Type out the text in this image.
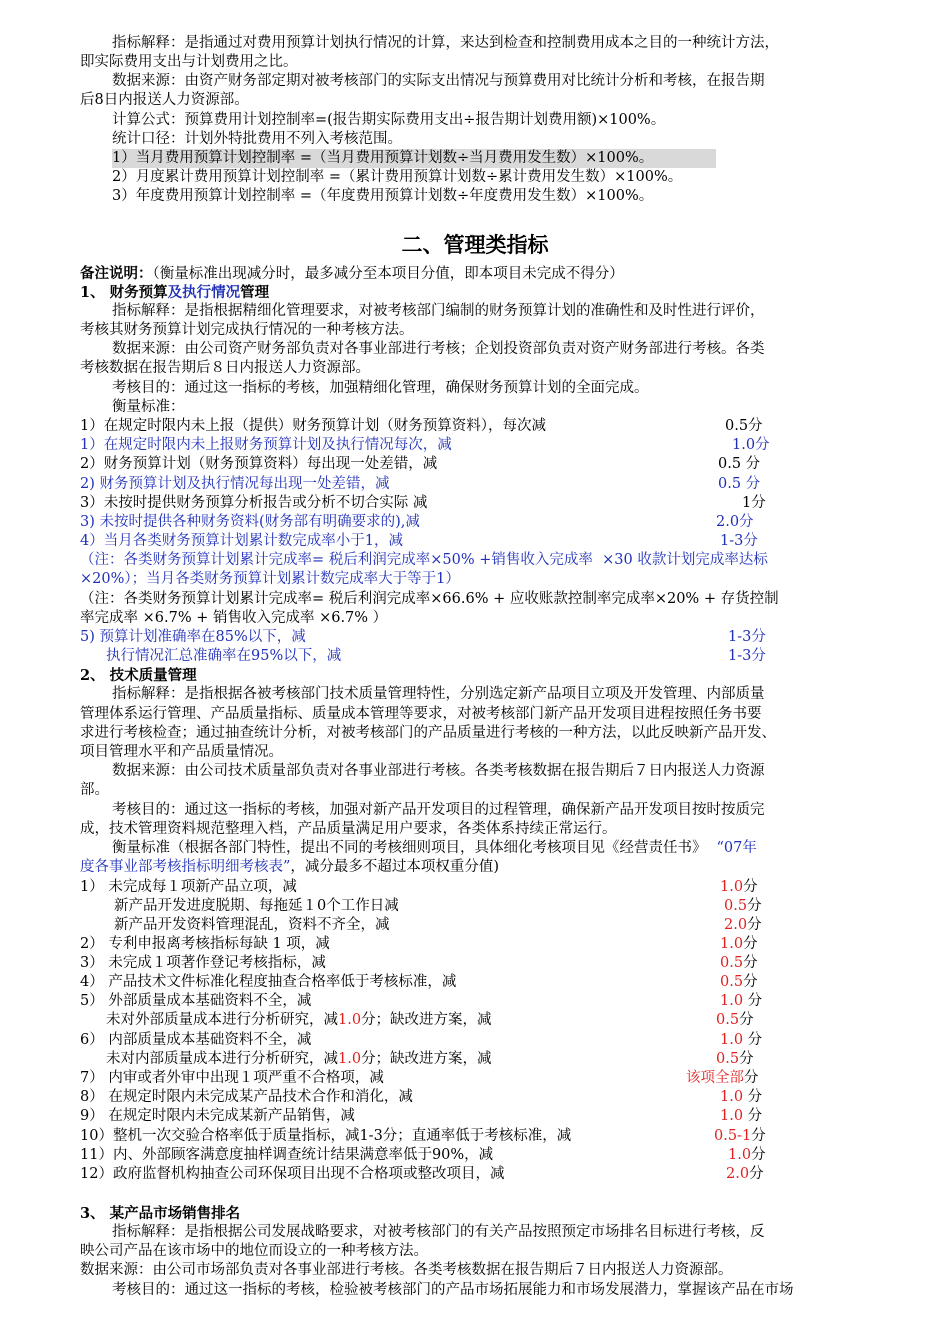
指标解释：是指通过对费用预算计划执行情况的计算，来达到检查和控制费用成本之目的一种统计方法，
即实际费用支出与计划费用之比。
数据来源：由资产财务部定期对被考核部门的实际支出情况与预算费用对比统计分析和考核，在报告期
后8日内报送人力资源部。
计算公式：预算费用计划控制率=(报告期实际费用支出÷报告期计划费用额)×100%。
统计口径：计划外特批费用不列入考核范围。
1）当月费用预算计划控制率 =（当月费用预算计划数÷当月费用发生数）×100%。
2）月度累计费用预算计划控制率 =（累计费用预算计划数÷累计费用发生数）×100%。
3）年度费用预算计划控制率 =（年度费用预算计划数÷年度费用发生数）×100%。
二、管理类指标
备注说明：（衡量标准出现减分时，最多减分至本项目分值，即本项目未完成不得分）
1、 财务预算及执行情况管理
指标解释：是指根据精细化管理要求，对被考核部门编制的财务预算计划的准确性和及时性进行评价，
考核其财务预算计划完成执行情况的一种考核方法。
数据来源：由公司资产财务部负责对各事业部进行考核；企划投资部负责对资产财务部进行考核。各类
考核数据在报告期后８日内报送人力资源部。
考核目的：通过这一指标的考核，加强精细化管理，确保财务预算计划的全面完成。
衡量标准：
1）在规定时限内未上报（提供）财务预算计划（财务预算资料），每次减	0.5分
1）在规定时限内未上报财务预算计划及执行情况每次，减	1.0分
2）财务预算计划（财务预算资料）每出现一处差错，减	0.5 分
2) 财务预算计划及执行情况每出现一处差错，减	0.5 分
3）未按时提供财务预算分析报告或分析不切合实际 减	1分
3) 未按时提供各种财务资料(财务部有明确要求的),减	2.0分
4）当月各类财务预算计划累计数完成率小于1，减	1-3分
（注：各类财务预算计划累计完成率= 税后利润完成率×50% +销售收入完成率  ×30 收款计划完成率达标
×20%）；当月各类财务预算计划累计数完成率大于等于1）
（注：各类财务预算计划累计完成率= 税后利润完成率×66.6% + 应收账款控制率完成率×20% + 存货控制
率完成率 ×6.7% + 销售收入完成率 ×6.7% ）
5) 预算计划准确率在85%以下，减	1-3分
执行情况汇总准确率在95%以下，减	1-3分
2、 技术质量管理
指标解释：是指根据各被考核部门技术质量管理特性，分别选定新产品项目立项及开发管理、内部质量
管理体系运行管理、产品质量指标、质量成本管理等要求，对被考核部门新产品开发项目进程按照任务书要
求进行考核检查；通过抽查统计分析，对被考核部门的产品质量进行考核的一种方法，以此反映新产品开发、
项目管理水平和产品质量情况。
数据来源：由公司技术质量部负责对各事业部进行考核。各类考核数据在报告期后７日内报送人力资源
部。
考核目的：通过这一指标的考核，加强对新产品开发项目的过程管理，确保新产品开发项目按时按质完
成，技术管理资料规范整理入档，产品质量满足用户要求，各类体系持续正常运行。
衡量标准（根据各部门特性，提出不同的考核细则项目，具体细化考核项目见《经营责任书》 “07年
度各事业部考核指标明细考核表”，减分最多不超过本项权重分值)
1） 未完成每１项新产品立项，减	1.0分
新产品开发进度脱期、每拖延１0个工作日减	0.5分
新产品开发资料管理混乱，资料不齐全，减	2.0分
2） 专利申报离考核指标每缺 1 项，减	1.0分
3） 未完成１项著作登记考核指标，减	0.5分
4） 产品技术文件标准化程度抽查合格率低于考核标准，减	0.5分
5） 外部质量成本基础资料不全，减	1.0 分
未对外部质量成本进行分析研究，减1.0分；缺改进方案，减	0.5分
6） 内部质量成本基础资料不全，减	1.0 分
未对内部质量成本进行分析研究，减1.0分；缺改进方案，减	0.5分
7） 内审或者外审中出现１项严重不合格项，减	该项全部分
8） 在规定时限内未完成某产品技术合作和消化，减	1.0 分
9） 在规定时限内未完成某新产品销售，减	1.0 分
10）整机一次交验合格率低于质量指标，减1-3分；直通率低于考核标准，减	0.5-1分
11）内、外部顾客满意度抽样调查统计结果满意率低于90%，减	1.0分
12）政府监督机构抽查公司环保项目出现不合格项或整改项目，减	2.0分
3、 某产品市场销售排名
指标解释：是指根据公司发展战略要求，对被考核部门的有关产品按照预定市场排名目标进行考核，反
映公司产品在该市场中的地位而设立的一种考核方法。
数据来源：由公司市场部负责对各事业部进行考核。各类考核数据在报告期后７日内报送人力资源部。
考核目的：通过这一指标的考核，检验被考核部门的产品市场拓展能力和市场发展潜力，掌握该产品在市场
